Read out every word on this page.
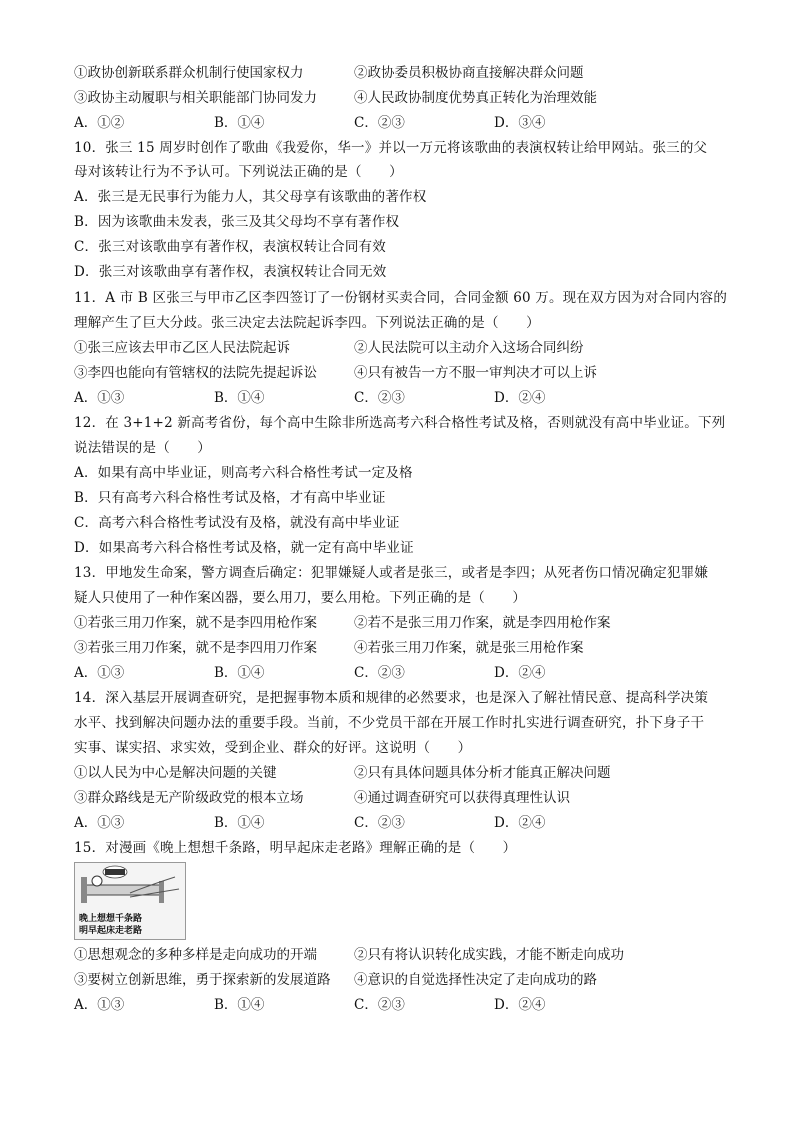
①政协创新联系群众机制行使国家权力	②政协委员积极协商直接解决群众问题
③政协主动履职与相关职能部门协同发力	④人民政协制度优势真正转化为治理效能
A．①②	B．①④	C．②③	D．③④
10．张三 15 周岁时创作了歌曲《我爱你，华一》并以一万元将该歌曲的表演权转让给甲网站。张三的父
母对该转让行为不予认可。下列说法正确的是（　　）
A．张三是无民事行为能力人，其父母享有该歌曲的著作权
B．因为该歌曲未发表，张三及其父母均不享有著作权
C．张三对该歌曲享有著作权，表演权转让合同有效
D．张三对该歌曲享有著作权，表演权转让合同无效
11．A 市 B 区张三与甲市乙区李四签订了一份钢材买卖合同，合同金额 60 万。现在双方因为对合同内容的
理解产生了巨大分歧。张三决定去法院起诉李四。下列说法正确的是（　　）
①张三应该去甲市乙区人民法院起诉	②人民法院可以主动介入这场合同纠纷
③李四也能向有管辖权的法院先提起诉讼	④只有被告一方不服一审判决才可以上诉
A．①③	B．①④	C．②③	D．②④
12．在 3+1+2 新高考省份，每个高中生除非所选高考六科合格性考试及格，否则就没有高中毕业证。下列
说法错误的是（　　）
A．如果有高中毕业证，则高考六科合格性考试一定及格
B．只有高考六科合格性考试及格，才有高中毕业证
C．高考六科合格性考试没有及格，就没有高中毕业证
D．如果高考六科合格性考试及格，就一定有高中毕业证
13．甲地发生命案，警方调查后确定：犯罪嫌疑人或者是张三，或者是李四；从死者伤口情况确定犯罪嫌
疑人只使用了一种作案凶器，要么用刀，要么用枪。下列正确的是（　　）
①若张三用刀作案，就不是李四用枪作案	②若不是张三用刀作案，就是李四用枪作案
③若张三用刀作案，就不是李四用刀作案	④若张三用刀作案，就是张三用枪作案
A．①③	B．①④	C．②③	D．②④
14．深入基层开展调查研究，是把握事物本质和规律的必然要求，也是深入了解社情民意、提高科学决策
水平、找到解决问题办法的重要手段。当前，不少党员干部在开展工作时扎实进行调查研究，扑下身子干
实事、谋实招、求实效，受到企业、群众的好评。这说明（　　）
①以人民为中心是解决问题的关键	②只有具体问题具体分析才能真正解决问题
③群众路线是无产阶级政党的根本立场	④通过调查研究可以获得真理性认识
A．①③	B．①④	C．②③	D．②④
15．对漫画《晚上想想千条路，明早起床走老路》理解正确的是（　　）
晚上想想千条路
明早起床走老路
①思想观念的多种多样是走向成功的开端	②只有将认识转化成实践，才能不断走向成功
③要树立创新思维，勇于探索新的发展道路 ④意识的自觉选择性决定了走向成功的路
A．①③	B．①④	C．②③	D．②④
